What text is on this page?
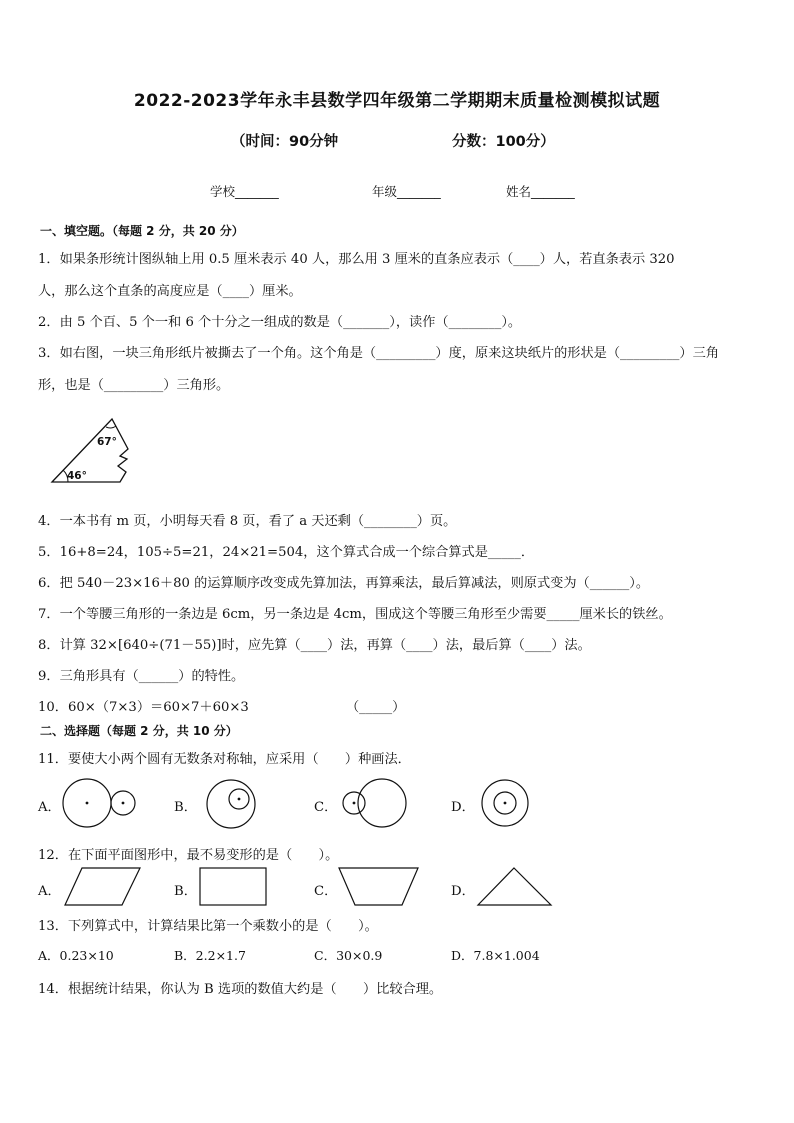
2022-2023学年永丰县数学四年级第二学期期末质量检测模拟试题
（时间：90分钟	分数：100分）
学校_______	年级_______	姓名_______
一、填空题。（每题 2 分，共 20 分）
1．如果条形统计图纵轴上用 0.5 厘米表示 40 人，那么用 3 厘米的直条应表示（____）人，若直条表示 320
人，那么这个直条的高度应是（____）厘米。
2．由 5 个百、5 个一和 6 个十分之一组成的数是（_______），读作（________）。
3．如右图，一块三角形纸片被撕去了一个角。这个角是（_________）度，原来这块纸片的形状是（_________）三角
形，也是（_________）三角形。
67°
46°
4．一本书有 m 页，小明每天看 8 页，看了 a 天还剩（________）页。
5．16+8=24，105÷5=21，24×21=504，这个算式合成一个综合算式是_____．
6．把 540－23×16＋80 的运算顺序改变成先算加法，再算乘法，最后算减法，则原式变为（______）。
7．一个等腰三角形的一条边是 6cm，另一条边是 4cm，围成这个等腰三角形至少需要_____厘米长的铁丝。
8．计算 32×[640÷(71－55)]时，应先算（____）法，再算（____）法，最后算（____）法。
9．三角形具有（______）的特性。
10．60×（7×3）＝60×7＋60×3	（_____）
二、选择题（每题 2 分，共 10 分）
11．要使大小两个圆有无数条对称轴，应采用（　　）种画法．
A．	B．	C．	D．
12．在下面平面图形中，最不易变形的是（　　）。
A．	B．	C．	D．
13．下列算式中，计算结果比第一个乘数小的是（　　）。
A．0.23×10	B．2.2×1.7	C．30×0.9	D．7.8×1.004
14．根据统计结果，你认为 B 选项的数值大约是（　　）比较合理。
